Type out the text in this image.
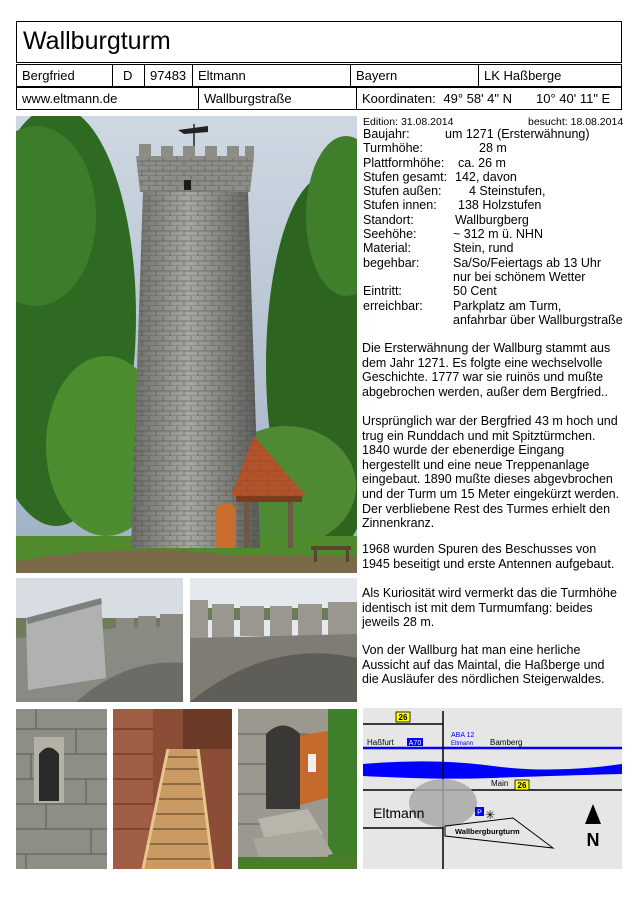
Wallburgturm
Bergfried	D	97483 Eltmann	Bayern	LK Haßberge
www.eltmann.de	Wallburgstraße	Koordinaten: 49° 58' 4" N 10° 40' 11" E
Edition: 31.08.2014	besucht: 18.08.2014
Baujahr:	um 1271 (Ersterwähnung)
Turmhöhe:	28 m
Plattformhöhe: ca. 26 m
Stufen gesamt: 142, davon
Stufen außen: 4 Steinstufen,
Stufen innen: 138 Holzstufen
Standort:	Wallburgberg
Seehöhe:	~ 312 m ü. NHN
Material:	Stein, rund
begehbar:	Sa/So/Feiertags ab 13 Uhr
nur bei schönem Wetter

Eintritt:	50 Cent
erreichbar: Parkplatz am Turm,
anfahrbar über Wallburgstraße

Die Ersterwähnung der Wallburg stammt aus dem Jahr 1271. Es folgte eine wechselvolle Geschichte. 1777 war sie ruinös und mußte abgebrochen werden, außer dem Bergfried..
Ursprünglich war der Bergfried 43 m hoch und trug ein Runddach und mit Spitztürmchen. 1840 wurde der ebenerdige Eingang hergestellt und eine neue Treppenanlage eingebaut. 1890 mußte dieses abgevbrochen und der Turm um 15 Meter eingekürzt werden. Der verbliebene Rest des Turmes erhielt den Zinnenkranz.
1968 wurden Spuren des Beschusses von 1945 beseitigt und erste Antennen aufgebaut.
Als Kuriosität wird vermerkt das die Turmhöhe identisch ist mit dem Turmumfang: beides jeweils 28 m.
Von der Wallburg hat man eine herliche Aussicht auf das Maintal, die Haßberge und die Ausläufer des nördlichen Steigerwaldes.
26
26
A70
Haßfurt
ABA 12
Eltmann Bamberg
Main
Eltmann	P ✳
Wallbergburgturm	N
